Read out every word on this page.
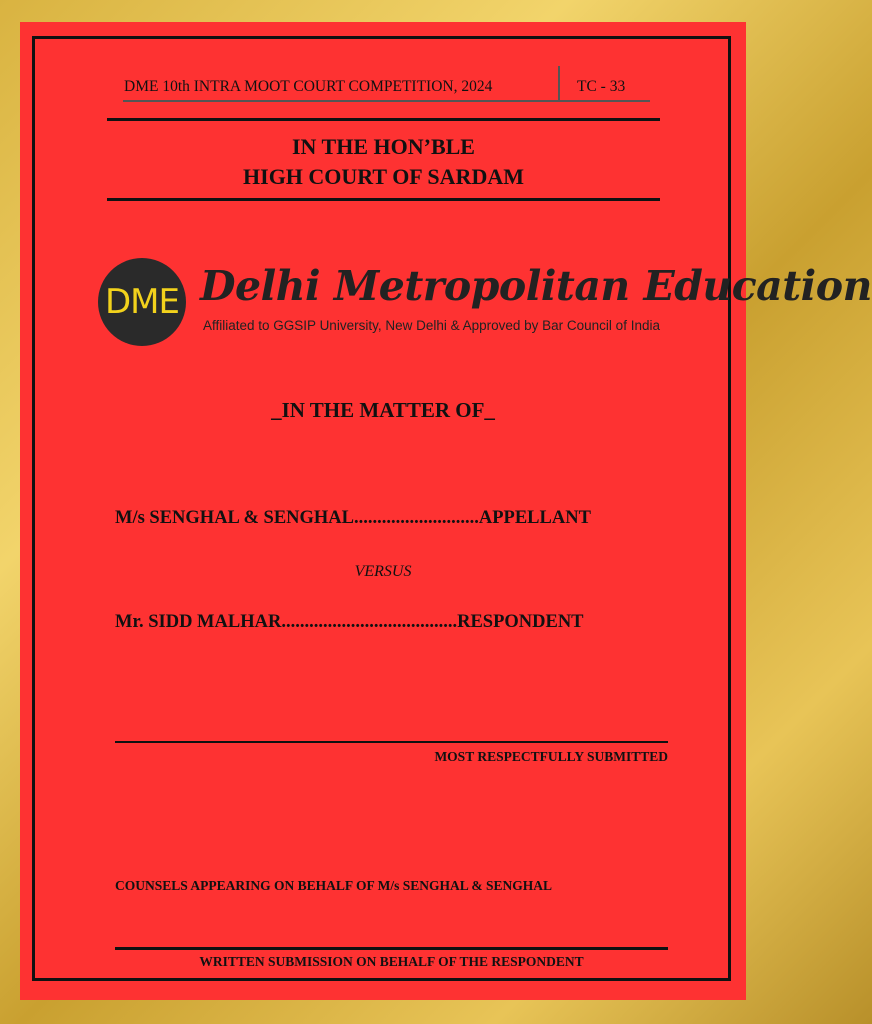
DME 10th INTRA MOOT COURT COMPETITION, 2024	TC - 33
IN THE HON’BLE
HIGH COURT OF SARDAM
DME Delhi Metropolitan Education
Affiliated to GGSIP University, New Delhi & Approved by Bar Council of India
_IN THE MATTER OF_
M/s SENGHAL & SENGHAL...........................APPELLANT
VERSUS
Mr. SIDD MALHAR......................................RESPONDENT
MOST RESPECTFULLY SUBMITTED
COUNSELS APPEARING ON BEHALF OF M/s SENGHAL & SENGHAL
WRITTEN SUBMISSION ON BEHALF OF THE RESPONDENT
